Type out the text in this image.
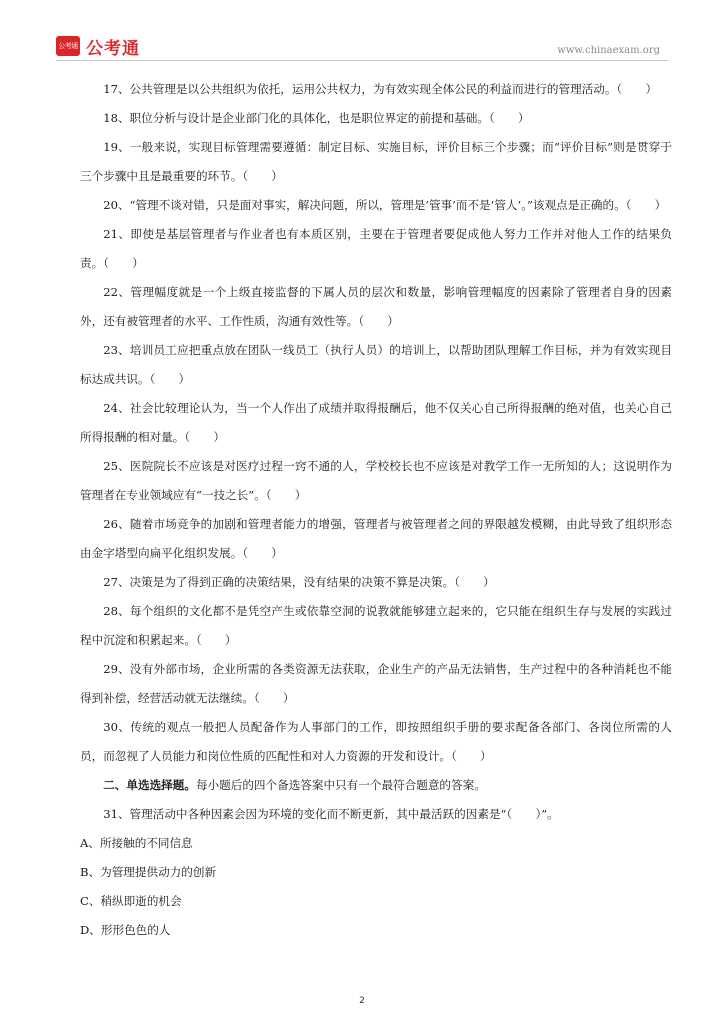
公考通 公考通	www.chinaexam.org

17、公共管理是以公共组织为依托，运用公共权力，为有效实现全体公民的利益而进行的管理活动。（　　）

18、职位分析与设计是企业部门化的具体化，也是职位界定的前提和基础。（　　）

19、一般来说，实现目标管理需要遵循：制定目标、实施目标，评价目标三个步骤；而“评价目标”则是贯穿于三个步骤中且是最重要的环节。（　　）

20、“管理不谈对错，只是面对事实，解决问题，所以，管理是‘管事’而不是‘管人’。”该观点是正确的。（　　）

21、即使是基层管理者与作业者也有本质区别，主要在于管理者要促成他人努力工作并对他人工作的结果负责。（　　）

22、管理幅度就是一个上级直接监督的下属人员的层次和数量，影响管理幅度的因素除了管理者自身的因素外，还有被管理者的水平、工作性质，沟通有效性等。（　　）

23、培训员工应把重点放在团队一线员工（执行人员）的培训上，以帮助团队理解工作目标，并为有效实现目标达成共识。（　　）

24、社会比较理论认为，当一个人作出了成绩并取得报酬后，他不仅关心自己所得报酬的绝对值，也关心自己所得报酬的相对量。（　　）

25、医院院长不应该是对医疗过程一窍不通的人，学校校长也不应该是对教学工作一无所知的人；这说明作为管理者在专业领域应有“一技之长”。（　　）

26、随着市场竞争的加剧和管理者能力的增强，管理者与被管理者之间的界限越发模糊，由此导致了组织形态由金字塔型向扁平化组织发展。（　　）

27、决策是为了得到正确的决策结果，没有结果的决策不算是决策。（　　）

28、每个组织的文化都不是凭空产生或依靠空洞的说教就能够建立起来的，它只能在组织生存与发展的实践过程中沉淀和积累起来。（　　）

29、没有外部市场，企业所需的各类资源无法获取，企业生产的产品无法销售，生产过程中的各种消耗也不能得到补偿，经营活动就无法继续。（　　）

30、传统的观点一般把人员配备作为人事部门的工作，即按照组织手册的要求配备各部门、各岗位所需的人员，而忽视了人员能力和岗位性质的匹配性和对人力资源的开发和设计。（　　）

二、单选选择题。每小题后的四个备选答案中只有一个最符合题意的答案。

31、管理活动中各种因素会因为环境的变化而不断更新，其中最活跃的因素是“（　　）”。

A、所接触的不同信息

B、为管理提供动力的创新

C、稍纵即逝的机会

D、形形色色的人

2
